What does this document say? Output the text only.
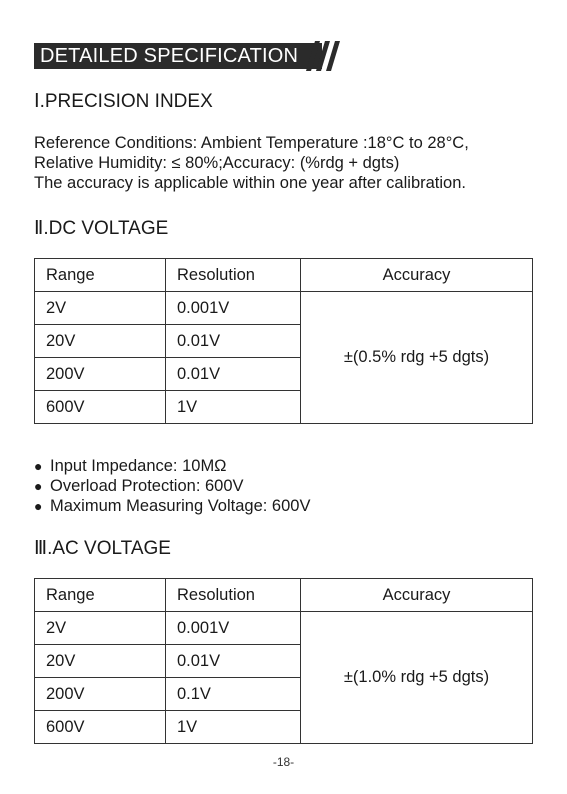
DETAILED SPECIFICATION
Ⅰ.PRECISION INDEX
Reference Conditions: Ambient Temperature :18°C to 28°C,
Relative Humidity: ≤ 80%;Accuracy: (%rdg + dgts)
The accuracy is applicable within one year after calibration.
Ⅱ.DC VOLTAGE
Range	Resolution	Accuracy
2V	0.001V	±(0.5% rdg +5 dgts)
20V	0.01V	
200V	0.01V	
600V	1V	
● Input Impedance: 10MΩ
● Overload Protection: 600V
● Maximum Measuring Voltage: 600V
Ⅲ.AC VOLTAGE
Range	Resolution	Accuracy
2V	0.001V	±(1.0% rdg +5 dgts)
20V	0.01V	
200V	0.1V	
600V	1V	
-18-
